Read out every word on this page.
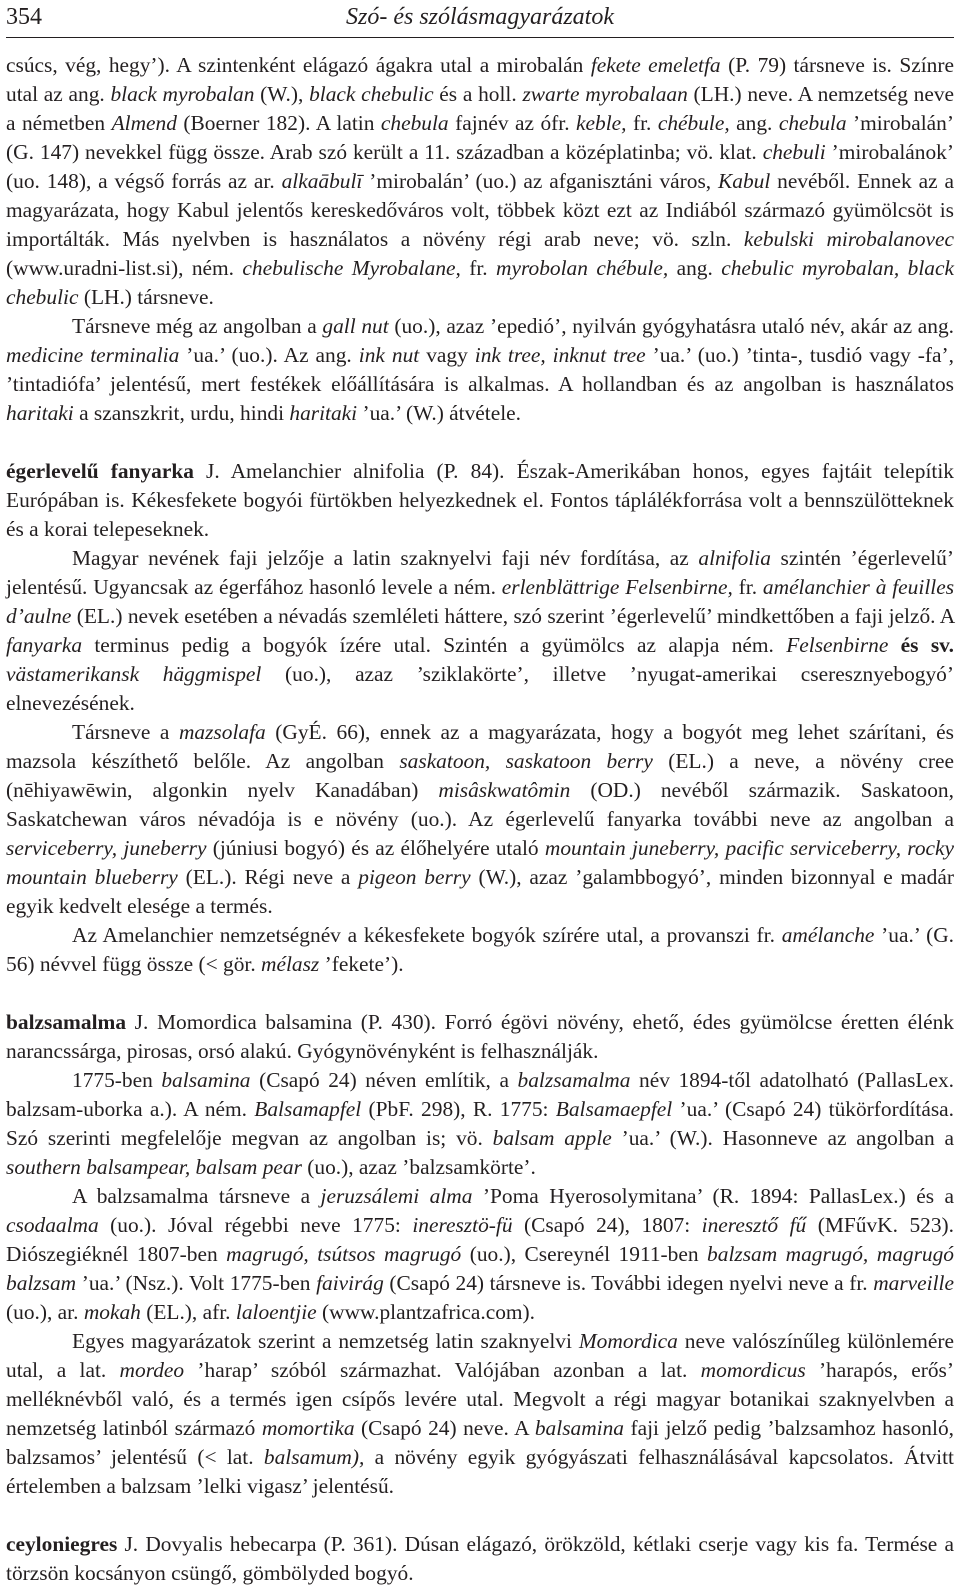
354	Szó- és szólásmagyarázatok

csúcs, vég, hegy’). A szintenként elágazó ágakra utal a mirobalán fekete emeletfa (P. 79) társneve is. Színre utal az ang. black myrobalan (W.), black chebulic és a holl. zwarte myrobalaan (LH.) neve. A nemzetség neve a németben Almend (Boerner 182). A latin chebula fajnév az ófr. keble, fr. chébule, ang. chebula ’mirobalán’ (G. 147) nevekkel függ össze. Arab szó került a 11. században a középlatinba; vö. klat. chebuli ’mirobalánok’ (uo. 148), a végső forrás az ar. alkaābulī ’mirobalán’ (uo.) az afganisztáni város, Kabul nevéből. Ennek az a magyarázata, hogy Kabul jelentős kereskedőváros volt, többek közt ezt az Indiából származó gyümölcsöt is importálták. Más nyelvben is használatos a növény régi arab neve; vö. szln. kebulski mirobalanovec (www.uradni-list.si), ném. chebulische Myrobalane, fr. myrobolan chébule, ang. chebulic myrobalan, black chebulic (LH.) társneve.

Társneve még az angolban a gall nut (uo.), azaz ’epedió’, nyilván gyógyhatásra utaló név, akár az ang. medicine terminalia ’ua.’ (uo.). Az ang. ink nut vagy ink tree, inknut tree ’ua.’ (uo.) ’tinta-, tusdió vagy -fa’, ’tintadiófa’ jelentésű, mert festékek előállítására is alkalmas. A hollandban és az angolban is használatos haritaki a szanszkrit, urdu, hindi haritaki ’ua.’ (W.) átvétele.

égerlevelű fanyarka J. Amelanchier alnifolia (P. 84). Észak-Amerikában honos, egyes fajtáit telepítik Európában is. Kékesfekete bogyói fürtökben helyezkednek el. Fontos táplálékforrása volt a bennszülötteknek és a korai telepeseknek.

Magyar nevének faji jelzője a latin szaknyelvi faji név fordítása, az alnifolia szintén ’égerlevelű’ jelentésű. Ugyancsak az égerfához hasonló levele a ném. erlenblättrige Felsenbirne, fr. amélanchier à feuilles d’aulne (EL.) nevek esetében a névadás szemléleti háttere, szó szerint ’égerlevelű’ mindkettőben a faji jelző. A fanyarka terminus pedig a bogyók ízére utal. Szintén a gyümölcs az alapja ném. Felsenbirne és sv. västamerikansk häggmispel (uo.), azaz ’sziklakörte’, illetve ’nyugat-amerikai cseresznyebogyó’ elnevezésének.

Társneve a mazsolafa (GyÉ. 66), ennek az a magyarázata, hogy a bogyót meg lehet szárítani, és mazsola készíthető belőle. Az angolban saskatoon, saskatoon berry (EL.) a neve, a növény cree (nēhiyawēwin, algonkin nyelv Kanadában) misâskwatômin (OD.) nevéből származik. Saskatoon, Saskatchewan város névadója is e növény (uo.). Az égerlevelű fanyarka további neve az angolban a serviceberry, juneberry (júniusi bogyó) és az élőhelyére utaló mountain juneberry, pacific serviceberry, rocky mountain blueberry (EL.). Régi neve a pigeon berry (W.), azaz ’galambbogyó’, minden bizonnyal e madár egyik kedvelt elesége a termés.

Az Amelanchier nemzetségnév a kékesfekete bogyók szírére utal, a provanszi fr. amélanche ’ua.’ (G. 56) névvel függ össze (< gör. mélasz ’fekete’).

balzsamalma J. Momordica balsamina (P. 430). Forró égövi növény, ehető, édes gyümölcse éretten élénk narancssárga, pirosas, orsó alakú. Gyógynövényként is felhasználják.

1775-ben balsamina (Csapó 24) néven említik, a balzsamalma név 1894-től adatolható (PallasLex. balzsam-uborka a.). A ném. Balsamapfel (PbF. 298), R. 1775: Balsamaepfel ’ua.’ (Csapó 24) tükörfordítása. Szó szerinti megfelelője megvan az angolban is; vö. balsam apple ’ua.’ (W.). Hasonneve az angolban a southern balsampear, balsam pear (uo.), azaz ’balzsamkörte’.

A balzsamalma társneve a jeruzsálemi alma ’Poma Hyerosolymitana’ (R. 1894: PallasLex.) és a csodaalma (uo.). Jóval régebbi neve 1775: ineresztö-fü (Csapó 24), 1807: ineresztő fű (MFűvK. 523). Diószegiéknél 1807-ben magrugó, tsútsos magrugó (uo.), Csereynél 1911-ben balzsam magrugó, magrugó balzsam ’ua.’ (Nsz.). Volt 1775-ben faivirág (Csapó 24) társneve is. További idegen nyelvi neve a fr. marveille (uo.), ar. mokah (EL.), afr. laloentjie (www.plantzafrica.com).

Egyes magyarázatok szerint a nemzetség latin szaknyelvi Momordica neve valószínűleg különlemére utal, a lat. mordeo ’harap’ szóból származhat. Valójában azonban a lat. momordicus ’harapós, erős’ melléknévből való, és a termés igen csípős levére utal. Megvolt a régi magyar botanikai szaknyelvben a nemzetség latinból származó momortika (Csapó 24) neve. A balsamina faji jelző pedig ’balzsamhoz hasonló, balzsamos’ jelentésű (< lat. balsamum), a növény egyik gyógyászati felhasználásával kapcsolatos. Átvitt értelemben a balzsam ’lelki vigasz’ jelentésű.

ceyloniegres J. Dovyalis hebecarpa (P. 361). Dúsan elágazó, örökzöld, kétlaki cserje vagy kis fa. Termése a törzsön kocsányon csüngő, gömbölyded bogyó.
